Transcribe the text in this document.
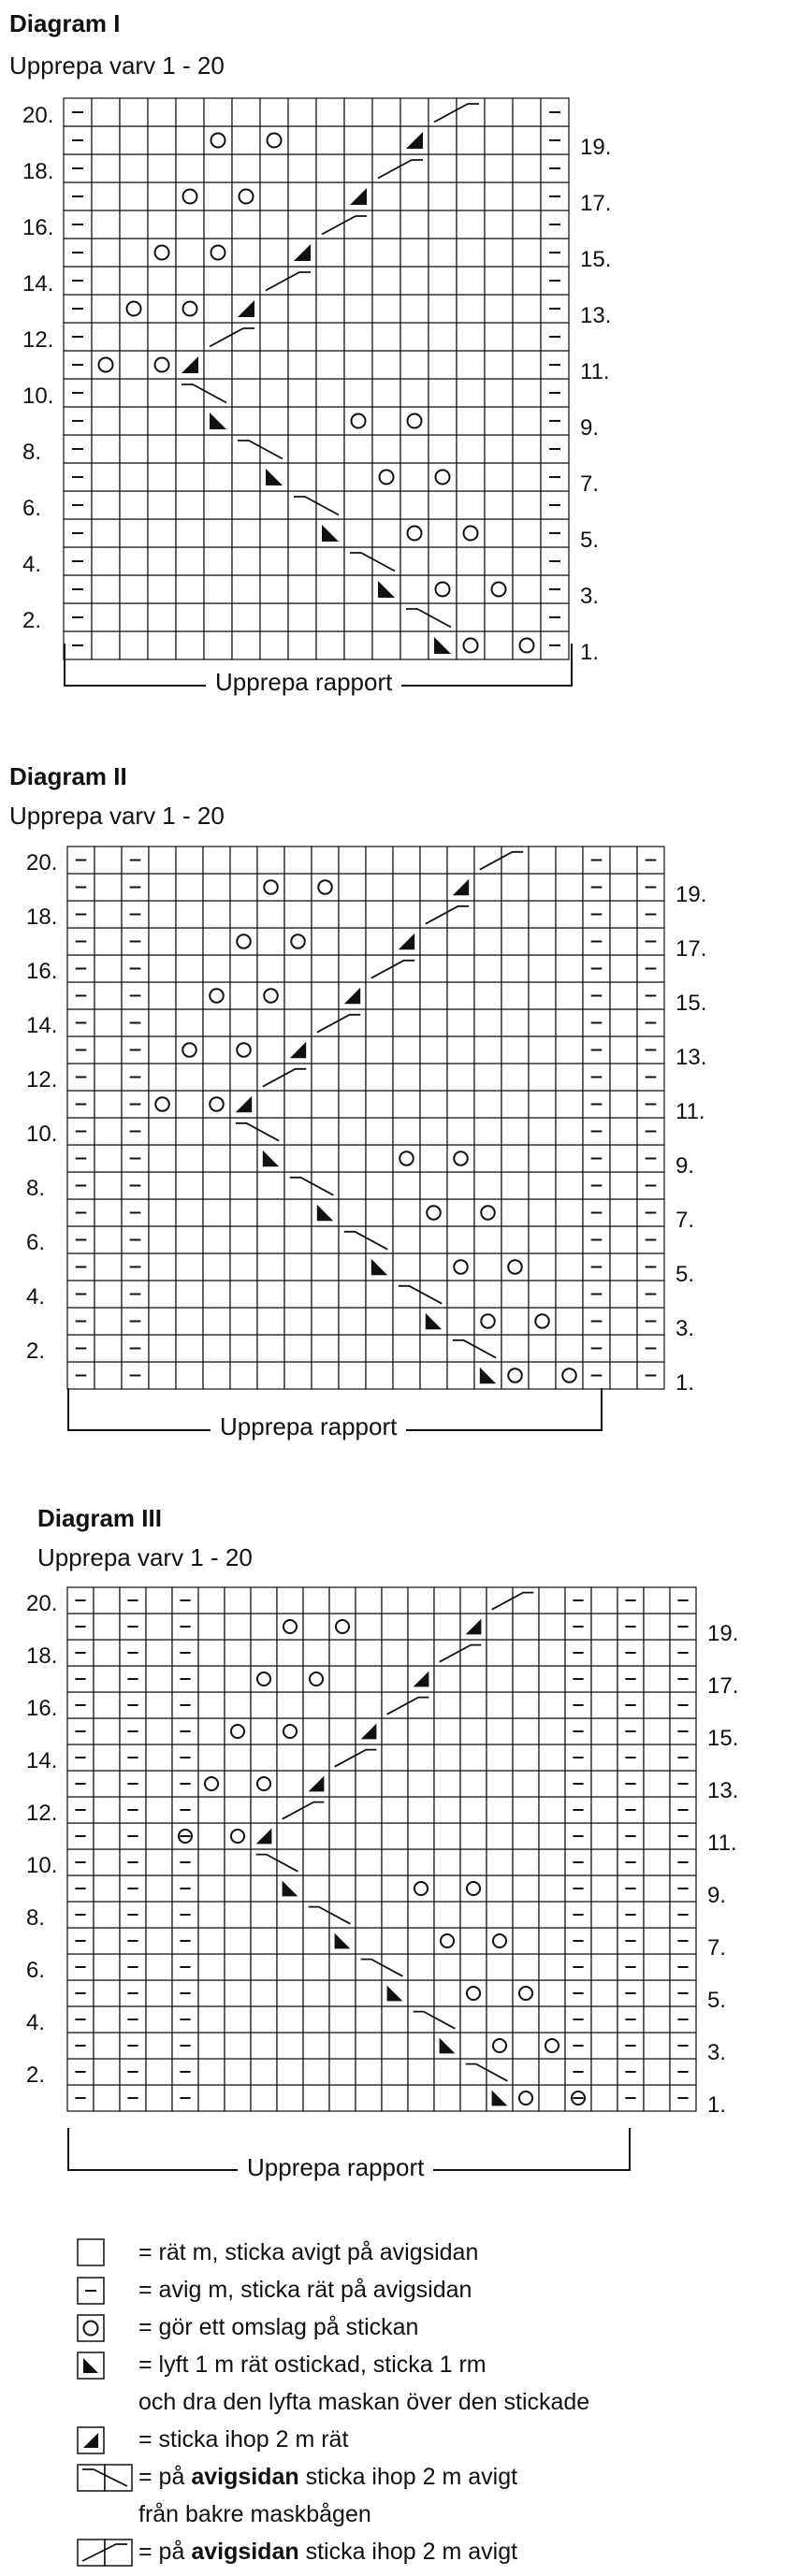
Diagram I
Upprepa varv 1 - 20
Upprepa rapport
Diagram II
Upprepa varv 1 - 20
Upprepa rapport
Diagram III
Upprepa varv 1 - 20
Upprepa rapport
= rät m, sticka avigt på avigsidan
= avig m, sticka rät på avigsidan
= gör ett omslag på stickan
= lyft 1 m rät ostickad, sticka 1 rm
och dra den lyfta maskan över den stickade
= sticka ihop 2 m rät
= på avigsidan sticka ihop 2 m avigt
från bakre maskbågen
= på avigsidan sticka ihop 2 m avigt
20.
18.
16.
14.
12.
10.
8.
6.
4.
2.
19.
17.
15.
13.
11.
9.
7.
5.
3.
1.
20.
18.
16.
14.
12.
10.
8.
6.
4.
2.
19.
17.
15.
13.
11.
9.
7.
5.
3.
1.
20.
18.
16.
14.
12.
10.
8.
6.
4.
2.
19.
17.
15.
13.
11.
9.
7.
5.
3.
1.
